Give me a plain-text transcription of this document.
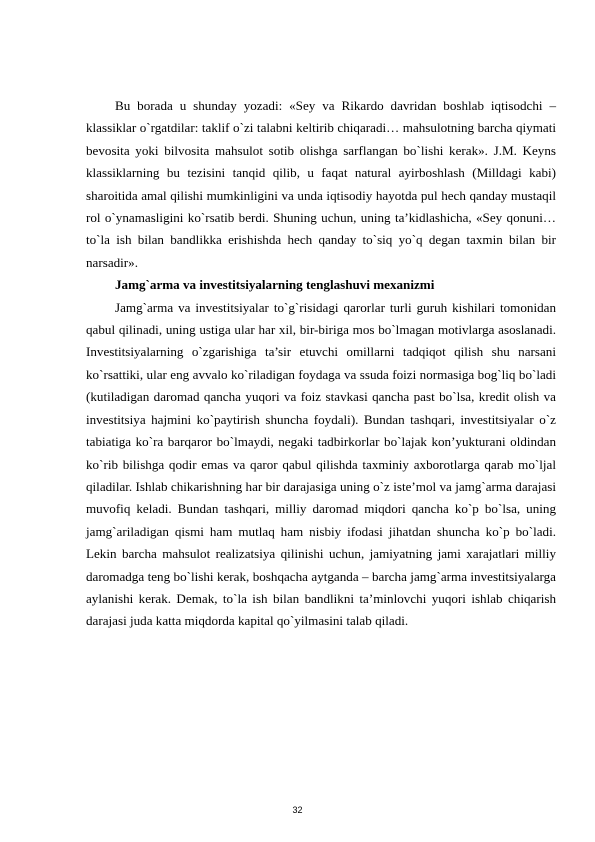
Bu borada u shunday yozadi: «Sey va Rikardo davridan boshlab iqtisodchi – klassiklar o`rgatdilar: taklif o`zi talabni keltirib chiqaradi… mahsulotning barcha qiymati bevosita yoki bilvosita mahsulot sotib olishga sarflangan bo`lishi kerak». J.M. Keyns klassiklarning bu tezisini tanqid qilib, u faqat natural ayirboshlash (Milldagi kabi) sharoitida amal qilishi mumkinligini va unda iqtisodiy hayotda pul hech qanday mustaqil rol o`ynamasligini ko`rsatib berdi. Shuning uchun, uning ta’kidlashicha, «Sey qonuni… to`la ish bilan bandlikka erishishda hech qanday to`siq yo`q degan taxmin bilan bir narsadir».

Jamg`arma va investitsiyalarning tenglashuvi mexanizmi

Jamg`arma va investitsiyalar to`g`risidagi qarorlar turli guruh kishilari tomonidan qabul qilinadi, uning ustiga ular har xil, bir-biriga mos bo`lmagan motivlarga asoslanadi. Investitsiyalarning o`zgarishiga ta’sir etuvchi omillarni tadqiqot qilish shu narsani ko`rsattiki, ular eng avvalo ko`riladigan foydaga va ssuda foizi normasiga bog`liq bo`ladi (kutiladigan daromad qancha yuqori va foiz stavkasi qancha past bo`lsa, kredit olish va investitsiya hajmini ko`paytirish shuncha foydali). Bundan tashqari, investitsiyalar o`z tabiatiga ko`ra barqaror bo`lmaydi, negaki tadbirkorlar bo`lajak kon’yukturani oldindan ko`rib bilishga qodir emas va qaror qabul qilishda taxminiy axborotlarga qarab mo`ljal qiladilar. Ishlab chikarishning har bir darajasiga uning o`z iste’mol va jamg`arma darajasi muvofiq keladi. Bundan tashqari, milliy daromad miqdori qancha ko`p bo`lsa, uning jamg`ariladigan qismi ham mutlaq ham nisbiy ifodasi jihatdan shuncha ko`p bo`ladi. Lekin barcha mahsulot realizatsiya qilinishi uchun, jamiyatning jami xarajatlari milliy daromadga teng bo`lishi kerak, boshqacha aytganda – barcha jamg`arma investitsiyalarga aylanishi kerak. Demak, to`la ish bilan bandlikni ta’minlovchi yuqori ishlab chiqarish darajasi juda katta miqdorda kapital qo`yilmasini talab qiladi.

32
